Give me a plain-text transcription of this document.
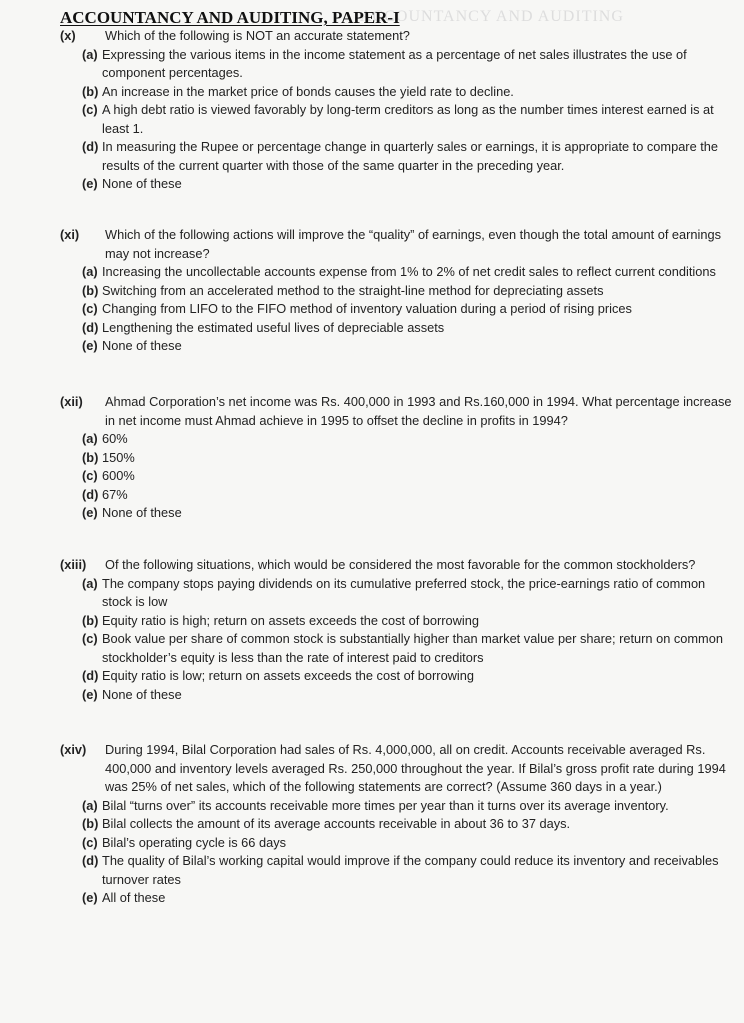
ACCOUNTANCY AND AUDITING
ACCOUNTANCY AND AUDITING, PAPER-I
(x) Which of the following is NOT an accurate statement?
(a) Expressing the various items in the income statement as a percentage of net sales illustrates the use of component percentages.
(b) An increase in the market price of bonds causes the yield rate to decline.
(c) A high debt ratio is viewed favorably by long-term creditors as long as the number times interest earned is at least 1.
(d) In measuring the Rupee or percentage change in quarterly sales or earnings, it is appropriate to compare the results of the current quarter with those of the same quarter in the preceding year.
(e) None of these
(xi) Which of the following actions will improve the “quality” of earnings, even though the total amount of earnings may not increase?
(a) Increasing the uncollectable accounts expense from 1% to 2% of net credit sales to reflect current conditions
(b) Switching from an accelerated method to the straight-line method for depreciating assets
(c) Changing from LIFO to the FIFO method of inventory valuation during a period of rising prices
(d) Lengthening the estimated useful lives of depreciable assets
(e) None of these
(xii) Ahmad Corporation’s net income was Rs. 400,000 in 1993 and Rs.160,000 in 1994. What percentage increase in net income must Ahmad achieve in 1995 to offset the decline in profits in 1994?
(a) 60%
(b) 150%
(c) 600%
(d) 67%
(e) None of these
(xiii) Of the following situations, which would be considered the most favorable for the common stockholders?
(a) The company stops paying dividends on its cumulative preferred stock, the price-earnings ratio of common stock is low
(b) Equity ratio is high; return on assets exceeds the cost of borrowing
(c) Book value per share of common stock is substantially higher than market value per share; return on common stockholder’s equity is less than the rate of interest paid to creditors
(d) Equity ratio is low; return on assets exceeds the cost of borrowing
(e) None of these
(xiv) During 1994, Bilal Corporation had sales of Rs. 4,000,000, all on credit. Accounts receivable averaged Rs. 400,000 and inventory levels averaged Rs. 250,000 throughout the year. If Bilal’s gross profit rate during 1994 was 25% of net sales, which of the following statements are correct? (Assume 360 days in a year.)
(a) Bilal “turns over” its accounts receivable more times per year than it turns over its average inventory.
(b) Bilal collects the amount of its average accounts receivable in about 36 to 37 days.
(c) Bilal’s operating cycle is 66 days
(d) The quality of Bilal’s working capital would improve if the company could reduce its inventory and receivables turnover rates
(e) All of these
